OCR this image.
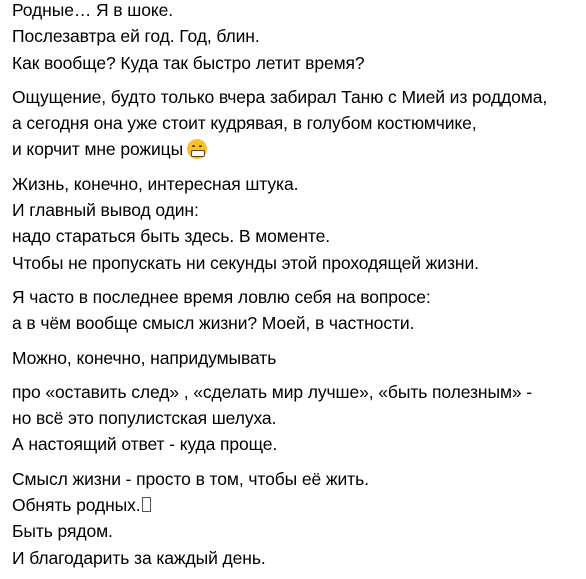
Родные… Я в шоке.
Послезавтра ей год. Год, блин.
Как вообще? Куда так быстро летит время?
Ощущение, будто только вчера забирал Таню с Мией из роддома,
а сегодня она уже стоит кудрявая, в голубом костюмчике,
и корчит мне рожицы
Жизнь, конечно, интересная штука.
И главный вывод один:
надо стараться быть здесь. В моменте.
Чтобы не пропускать ни секунды этой проходящей жизни.
Я часто в последнее время ловлю себя на вопросе:
а в чём вообще смысл жизни? Моей, в частности.
Можно, конечно, напридумывать
про «оставить след» , «сделать мир лучше», «быть полезным» -
но всё это популистская шелуха.
А настоящий ответ - куда проще.
Смысл жизни - просто в том, чтобы её жить.
Обнять родных.
Быть рядом.
И благодарить за каждый день.
